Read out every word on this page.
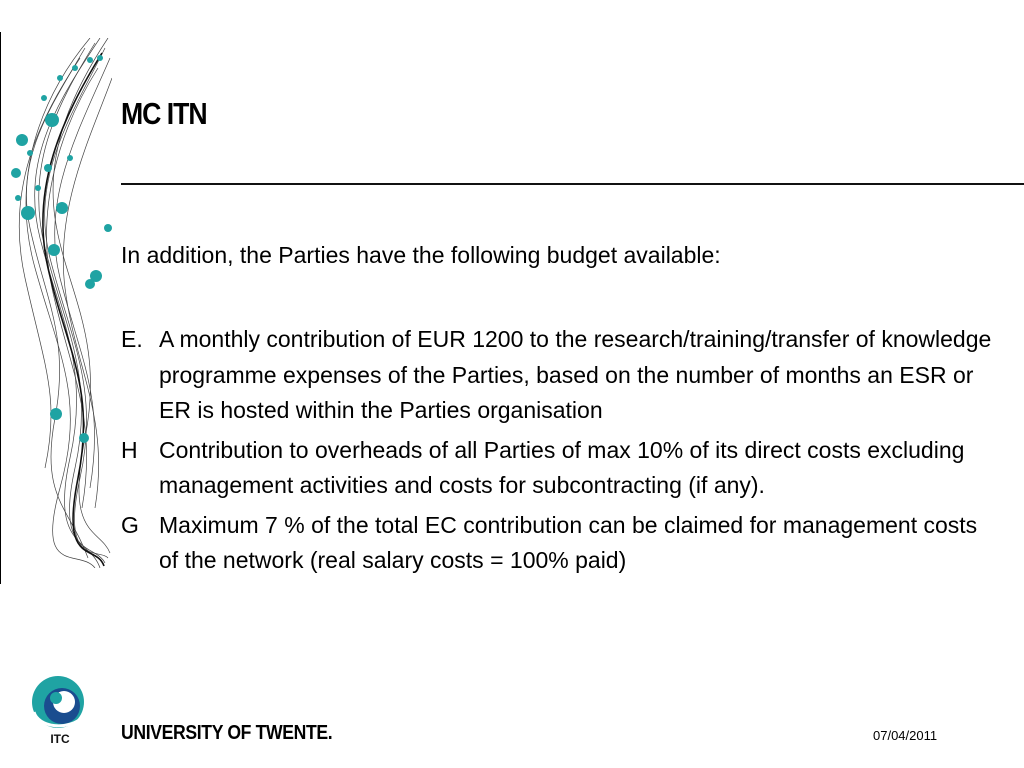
MC ITN
In addition, the Parties have the following budget available:
E. A monthly contribution of EUR 1200 to the research/training/transfer of knowledge programme expenses of the Parties, based on the number of months an ESR or ER is hosted within the Parties organisation
H Contribution to overheads of all Parties of max 10% of its direct costs excluding management activities and costs for subcontracting (if any).
G Maximum 7 % of the total EC contribution can be claimed for management costs of the network (real salary costs = 100% paid)
ITC	UNIVERSITY OF TWENTE.	07/04/2011
